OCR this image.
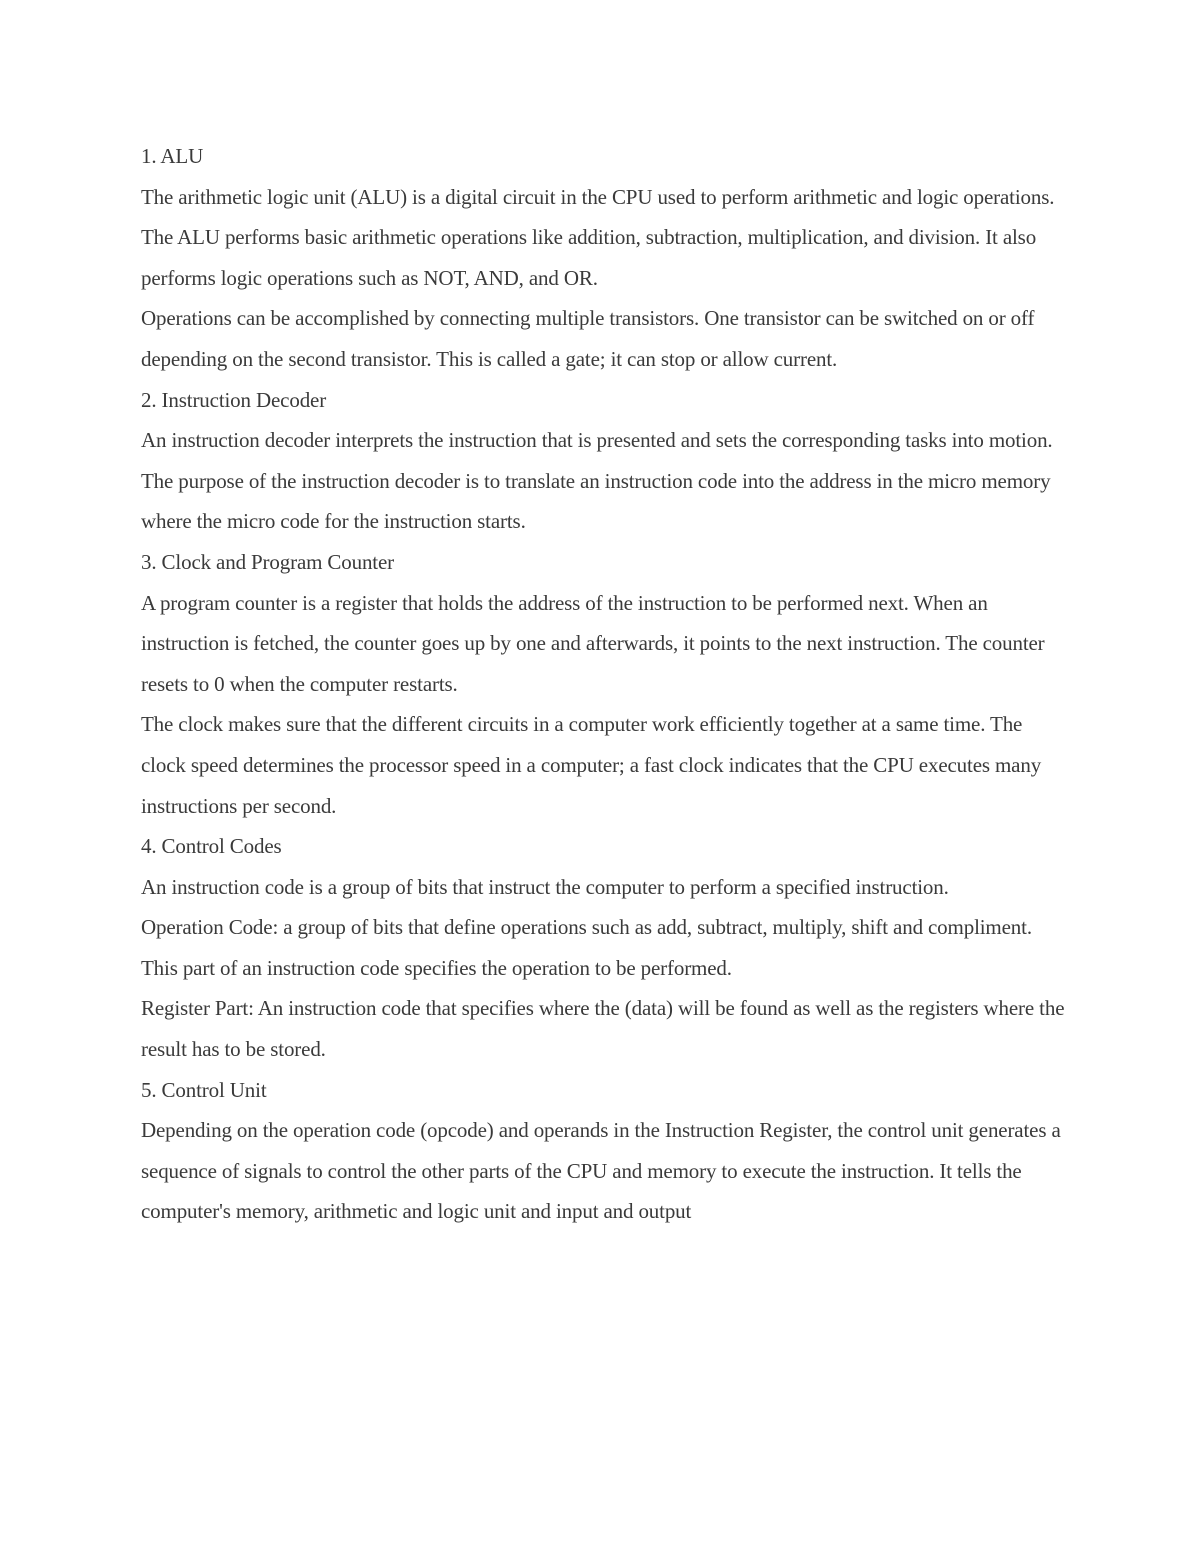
1. ALU

The arithmetic logic unit (ALU) is a digital circuit in the CPU used to perform arithmetic and logic operations.

The ALU performs basic arithmetic operations like addition, subtraction, multiplication, and division. It also performs logic operations such as NOT, AND, and OR.

Operations can be accomplished by connecting multiple transistors. One transistor can be switched on or off depending on the second transistor. This is called a gate; it can stop or allow current.

2. Instruction Decoder

An instruction decoder interprets the instruction that is presented and sets the corresponding tasks into motion. The purpose of the instruction decoder is to translate an instruction code into the address in the micro memory where the micro code for the instruction starts.

3. Clock and Program Counter

A program counter is a register that holds the address of the instruction to be performed next. When an instruction is fetched, the counter goes up by one and afterwards, it points to the next instruction. The counter resets to 0 when the computer restarts.

The clock makes sure that the different circuits in a computer work efficiently together at a same time. The clock speed determines the processor speed in a computer; a fast clock indicates that the CPU executes many instructions per second.

4. Control Codes

An instruction code is a group of bits that instruct the computer to perform a specified instruction.

Operation Code: a group of bits that define operations such as add, subtract, multiply, shift and compliment. This part of an instruction code specifies the operation to be performed.

Register Part: An instruction code that specifies where the (data) will be found as well as the registers where the result has to be stored.

5. Control Unit

Depending on the operation code (opcode) and operands in the Instruction Register, the control unit generates a sequence of signals to control the other parts of the CPU and memory to execute the instruction. It tells the computer's memory, arithmetic and logic unit and input and output
